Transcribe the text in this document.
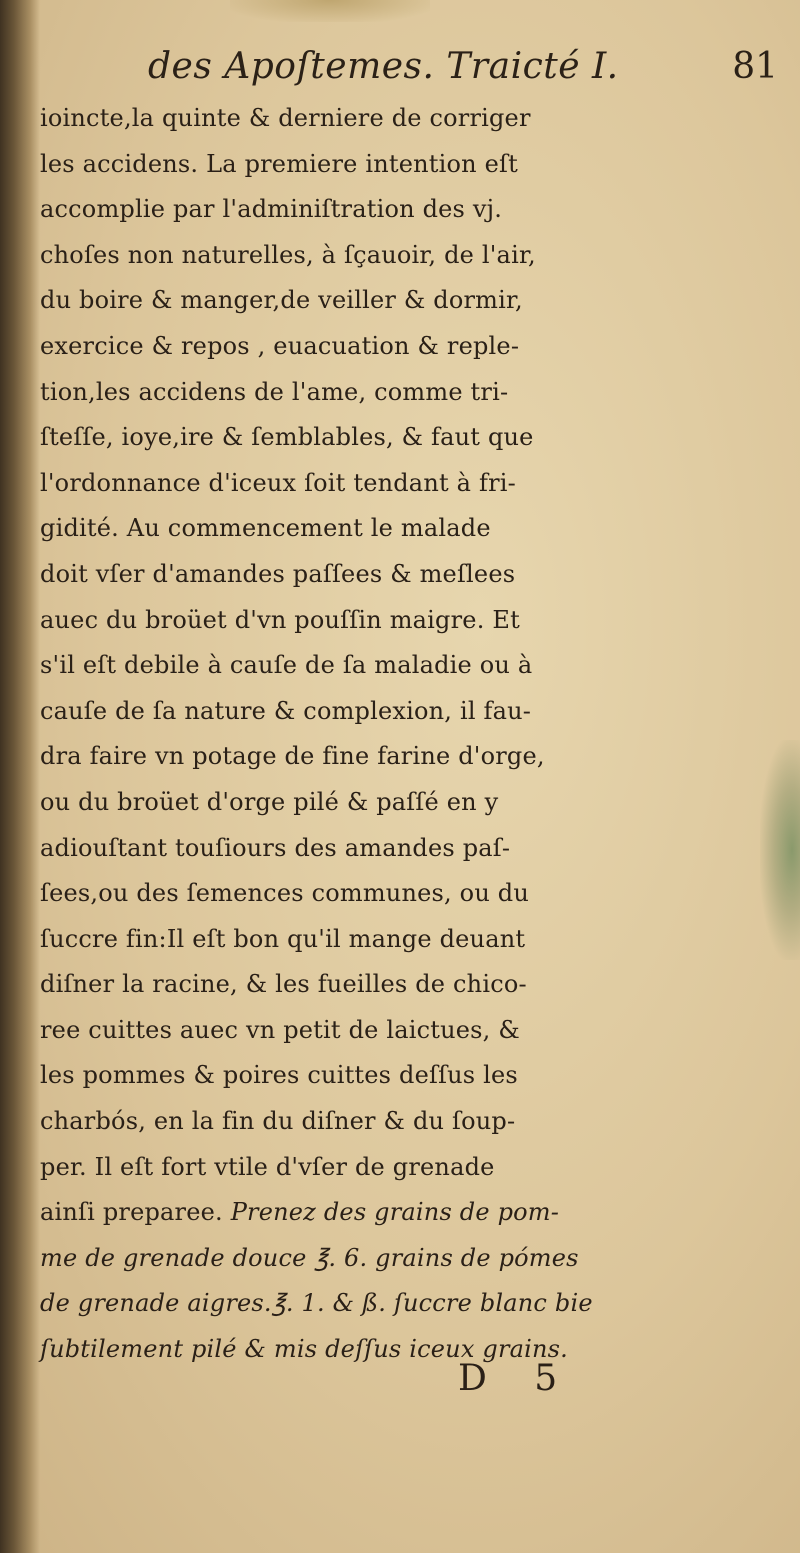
des Apoſtemes. Traicté I.	81
ioincte,la quinte & derniere de corriger
les accidens. La premiere intention eſt
accomplie par l'adminiſtration des vj.
choſes non naturelles, à ſçauoir, de l'air,
du boire & manger,de veiller & dormir,
exercice & repos , euacuation & reple-
tion,les accidens de l'ame, comme tri-
ſteſſe, ioye,ire & ſemblables, & faut que
l'ordonnance d'iceux ſoit tendant à fri-
gidité. Au commencement le malade
doit vſer d'amandes paſſees & meſlees
auec du broüet d'vn pouſſin maigre. Et
s'il eſt debile à cauſe de ſa maladie ou à
cauſe de ſa nature & complexion, il fau-
dra faire vn potage de fine farine d'orge,
ou du broüet d'orge pilé & paſſé en y
adiouſtant touſiours des amandes paſ-
ſees,ou des ſemences communes, ou du
ſuccre fin:Il eſt bon qu'il mange deuant
diſner la racine, & les fueilles de chico-
ree cuittes auec vn petit de laictues, &
les pommes & poires cuittes deſſus les
charbós, en la fin du diſner & du ſoup-
per. Il eſt fort vtile d'vſer de grenade
ainſi preparee. Prenez des grains de pom-
me de grenade douce ℥. 6. grains de pómes
de grenade aigres.℥. 1. & ß. ſuccre blanc bie
ſubtilement pilé & mis deſſus iceux grains.
D 5
